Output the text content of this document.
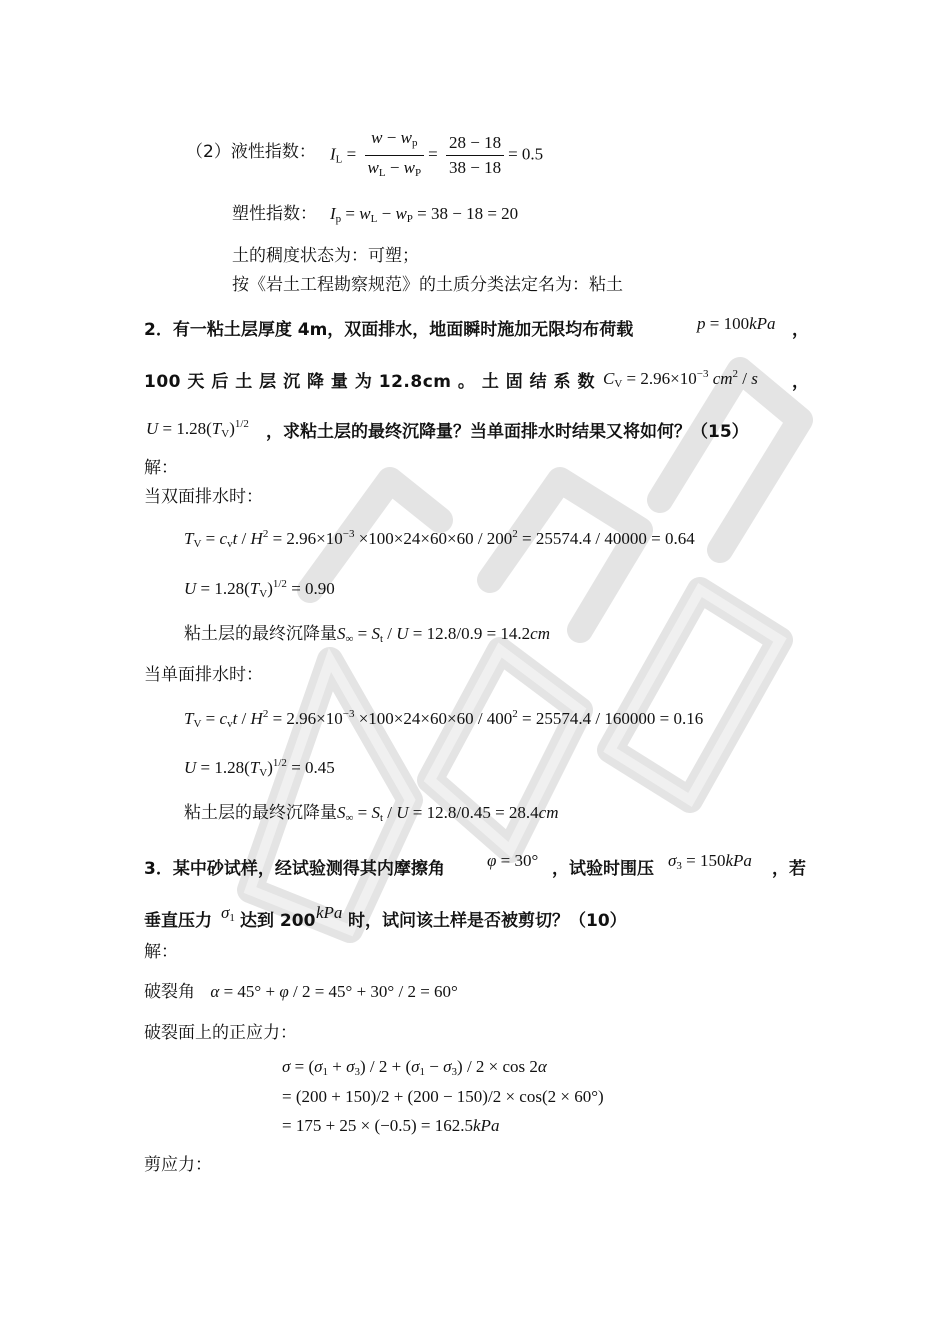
（2）液性指数： $I_L = \frac{w - w_p}{w_L - w_P} = \frac{28 - 18}{38 - 18} = 0.5$
塑性指数： $I_p = w_L - w_P = 38 - 18 = 20$
土的稠度状态为：可塑；
按《岩土工程勘察规范》的土质分类法定名为：粘土
2．有一粘土层厚度 4m，双面排水，地面瞬时施加无限均布荷载	p = 100kPa ，
100 天 后 土 层 沉 降 量 为 12.8cm 。 土 固 结 系 数 $C_V = 2.96\times 10^{-3}$ $cm^2$ / s ，
$U = 1.28(T_V)^{1/2}$ ，求粘土层的最终沉降量？当单面排水时结果又将如何？（15）
解：
当双面排水时：
$T_V = c_vt / H^2 = 2.96\times 10^{-3} \times 100\times 24\times 60\times 60 / 200^2 = 25574.4 / 40000 = 0.64$
$U = 1.28(T_V)^{1/2} = 0.90$
粘土层的最终沉降量$S_\infty = S_t / U = 12.8/0.9 = 14.2cm$
当单面排水时：
$T_V = c_vt / H^2 = 2.96\times 10^{-3} \times 100\times 24\times 60\times 60 / 400^2 = 25574.4 / 160000 = 0.16$
$U = 1.28(T_V)^{1/2} = 0.45$
粘土层的最终沉降量$S_\infty = S_t / U = 12.8/0.45 = 28.4cm$
3．某中砂试样，经试验测得其内摩擦角 φ = 30° ，试验时围压 $\sigma_3 = 150kPa$ ，若
垂直压力 $\sigma_1$ 达到 200 kPa 时，试问该土样是否被剪切？（10）
解：
破裂角 α = 45° + φ / 2 = 45° + 30° / 2 = 60°
破裂面上的正应力：
$\sigma = (\sigma_1 + \sigma_3) / 2 + (\sigma_1 - \sigma_3) / 2 \times \cos 2\alpha$
= (200 + 150)/2 + (200 − 150)/2 × cos(2 × 60°)
= 175 + 25 × (−0.5) = 162.5kPa
剪应力：
